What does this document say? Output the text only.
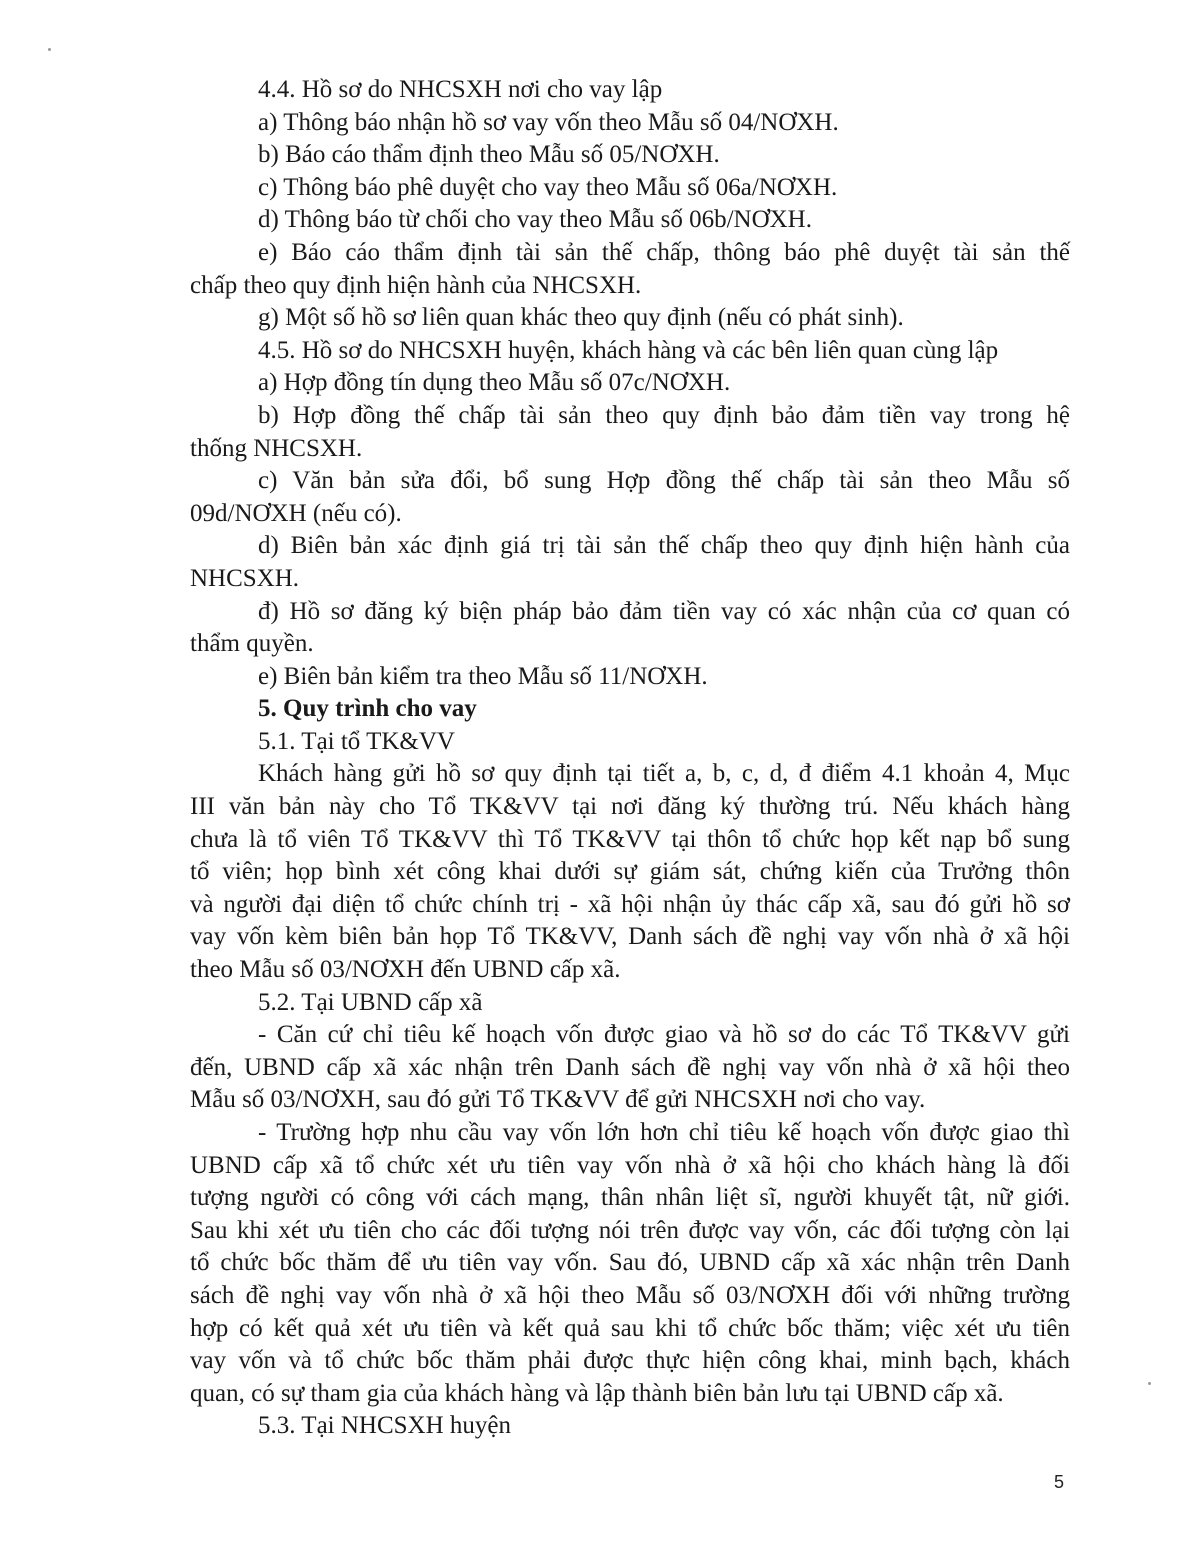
4.4. Hồ sơ do NHCSXH nơi cho vay lập
a) Thông báo nhận hồ sơ vay vốn theo Mẫu số 04/NƠXH.
b) Báo cáo thẩm định theo Mẫu số 05/NƠXH.
c) Thông báo phê duyệt cho vay theo Mẫu số 06a/NƠXH.
d) Thông báo từ chối cho vay theo Mẫu số 06b/NƠXH.
e) Báo cáo thẩm định tài sản thế chấp, thông báo phê duyệt tài sản thế
chấp theo quy định hiện hành của NHCSXH.
g) Một số hồ sơ liên quan khác theo quy định (nếu có phát sinh).
4.5. Hồ sơ do NHCSXH huyện, khách hàng và các bên liên quan cùng lập
a) Hợp đồng tín dụng theo Mẫu số 07c/NƠXH.
b) Hợp đồng thế chấp tài sản theo quy định bảo đảm tiền vay trong hệ
thống NHCSXH.
c) Văn bản sửa đổi, bổ sung Hợp đồng thế chấp tài sản theo Mẫu số
09d/NƠXH (nếu có).
d) Biên bản xác định giá trị tài sản thế chấp theo quy định hiện hành của
NHCSXH.
đ) Hồ sơ đăng ký biện pháp bảo đảm tiền vay có xác nhận của cơ quan có
thẩm quyền.
e) Biên bản kiểm tra theo Mẫu số 11/NƠXH.
5. Quy trình cho vay
5.1. Tại tổ TK&VV
Khách hàng gửi hồ sơ quy định tại tiết a, b, c, d, đ điểm 4.1 khoản 4, Mục
III văn bản này cho Tổ TK&VV tại nơi đăng ký thường trú. Nếu khách hàng
chưa là tổ viên Tổ TK&VV thì Tổ TK&VV tại thôn tổ chức họp kết nạp bổ sung
tổ viên; họp bình xét công khai dưới sự giám sát, chứng kiến của Trưởng thôn
và người đại diện tổ chức chính trị - xã hội nhận ủy thác cấp xã, sau đó gửi hồ sơ
vay vốn kèm biên bản họp Tổ TK&VV, Danh sách đề nghị vay vốn nhà ở xã hội
theo Mẫu số 03/NƠXH đến UBND cấp xã.
5.2. Tại UBND cấp xã
- Căn cứ chỉ tiêu kế hoạch vốn được giao và hồ sơ do các Tổ TK&VV gửi
đến, UBND cấp xã xác nhận trên Danh sách đề nghị vay vốn nhà ở xã hội theo
Mẫu số 03/NƠXH, sau đó gửi Tổ TK&VV để gửi NHCSXH nơi cho vay.
- Trường hợp nhu cầu vay vốn lớn hơn chỉ tiêu kế hoạch vốn được giao thì
UBND cấp xã tổ chức xét ưu tiên vay vốn nhà ở xã hội cho khách hàng là đối
tượng người có công với cách mạng, thân nhân liệt sĩ, người khuyết tật, nữ giới.
Sau khi xét ưu tiên cho các đối tượng nói trên được vay vốn, các đối tượng còn lại
tổ chức bốc thăm để ưu tiên vay vốn. Sau đó, UBND cấp xã xác nhận trên Danh
sách đề nghị vay vốn nhà ở xã hội theo Mẫu số 03/NƠXH đối với những trường
hợp có kết quả xét ưu tiên và kết quả sau khi tổ chức bốc thăm; việc xét ưu tiên
vay vốn và tổ chức bốc thăm phải được thực hiện công khai, minh bạch, khách
quan, có sự tham gia của khách hàng và lập thành biên bản lưu tại UBND cấp xã.
5.3. Tại NHCSXH huyện
5
